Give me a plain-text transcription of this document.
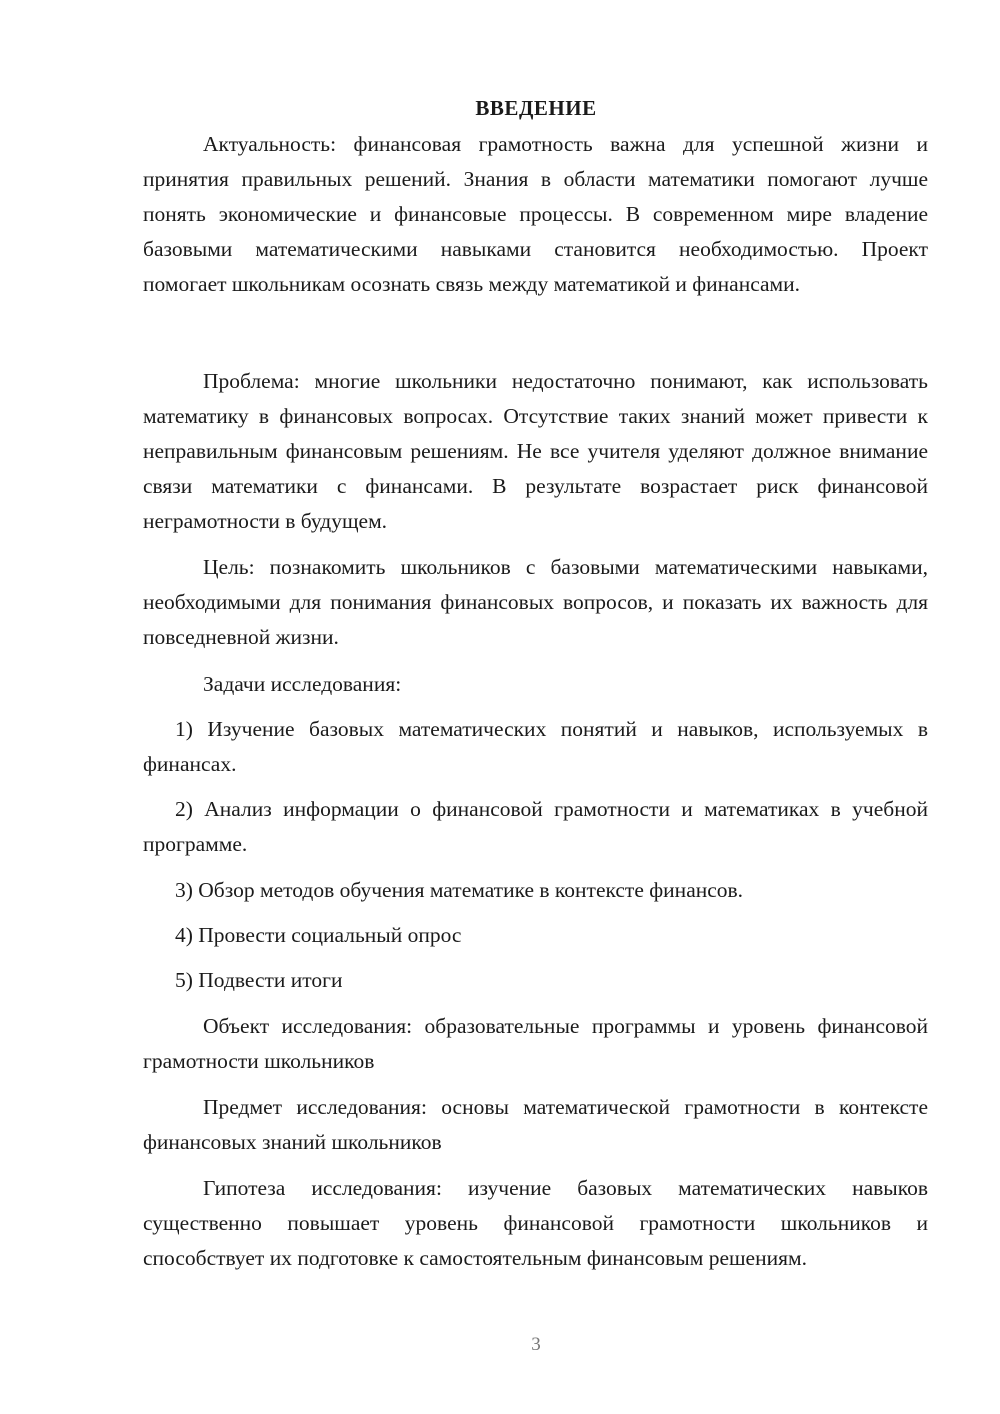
ВВЕДЕНИЕ

Актуальность: финансовая грамотность важна для успешной жизни и принятия правильных решений. Знания в области математики помогают лучше понять экономические и финансовые процессы. В современном мире владение базовыми математическими навыками становится необходимостью. Проект помогает школьникам осознать связь между математикой и финансами.

Проблема: многие школьники недостаточно понимают, как использовать математику в финансовых вопросах. Отсутствие таких знаний может привести к неправильным финансовым решениям. Не все учителя уделяют должное внимание связи математики с финансами. В результате возрастает риск финансовой неграмотности в будущем.

Цель: познакомить школьников с базовыми математическими навыками, необходимыми для понимания финансовых вопросов, и показать их важность для повседневной жизни.

Задачи исследования:

1) Изучение базовых математических понятий и навыков, используемых в финансах.

2) Анализ информации о финансовой грамотности и математиках в учебной программе.

3) Обзор методов обучения математике в контексте финансов.

4) Провести социальный опрос

5) Подвести итоги

Объект исследования: образовательные программы и уровень финансовой грамотности школьников

Предмет исследования: основы математической грамотности в контексте финансовых знаний школьников

Гипотеза исследования: изучение базовых математических навыков существенно повышает уровень финансовой грамотности школьников и способствует их подготовке к самостоятельным финансовым решениям.

3
